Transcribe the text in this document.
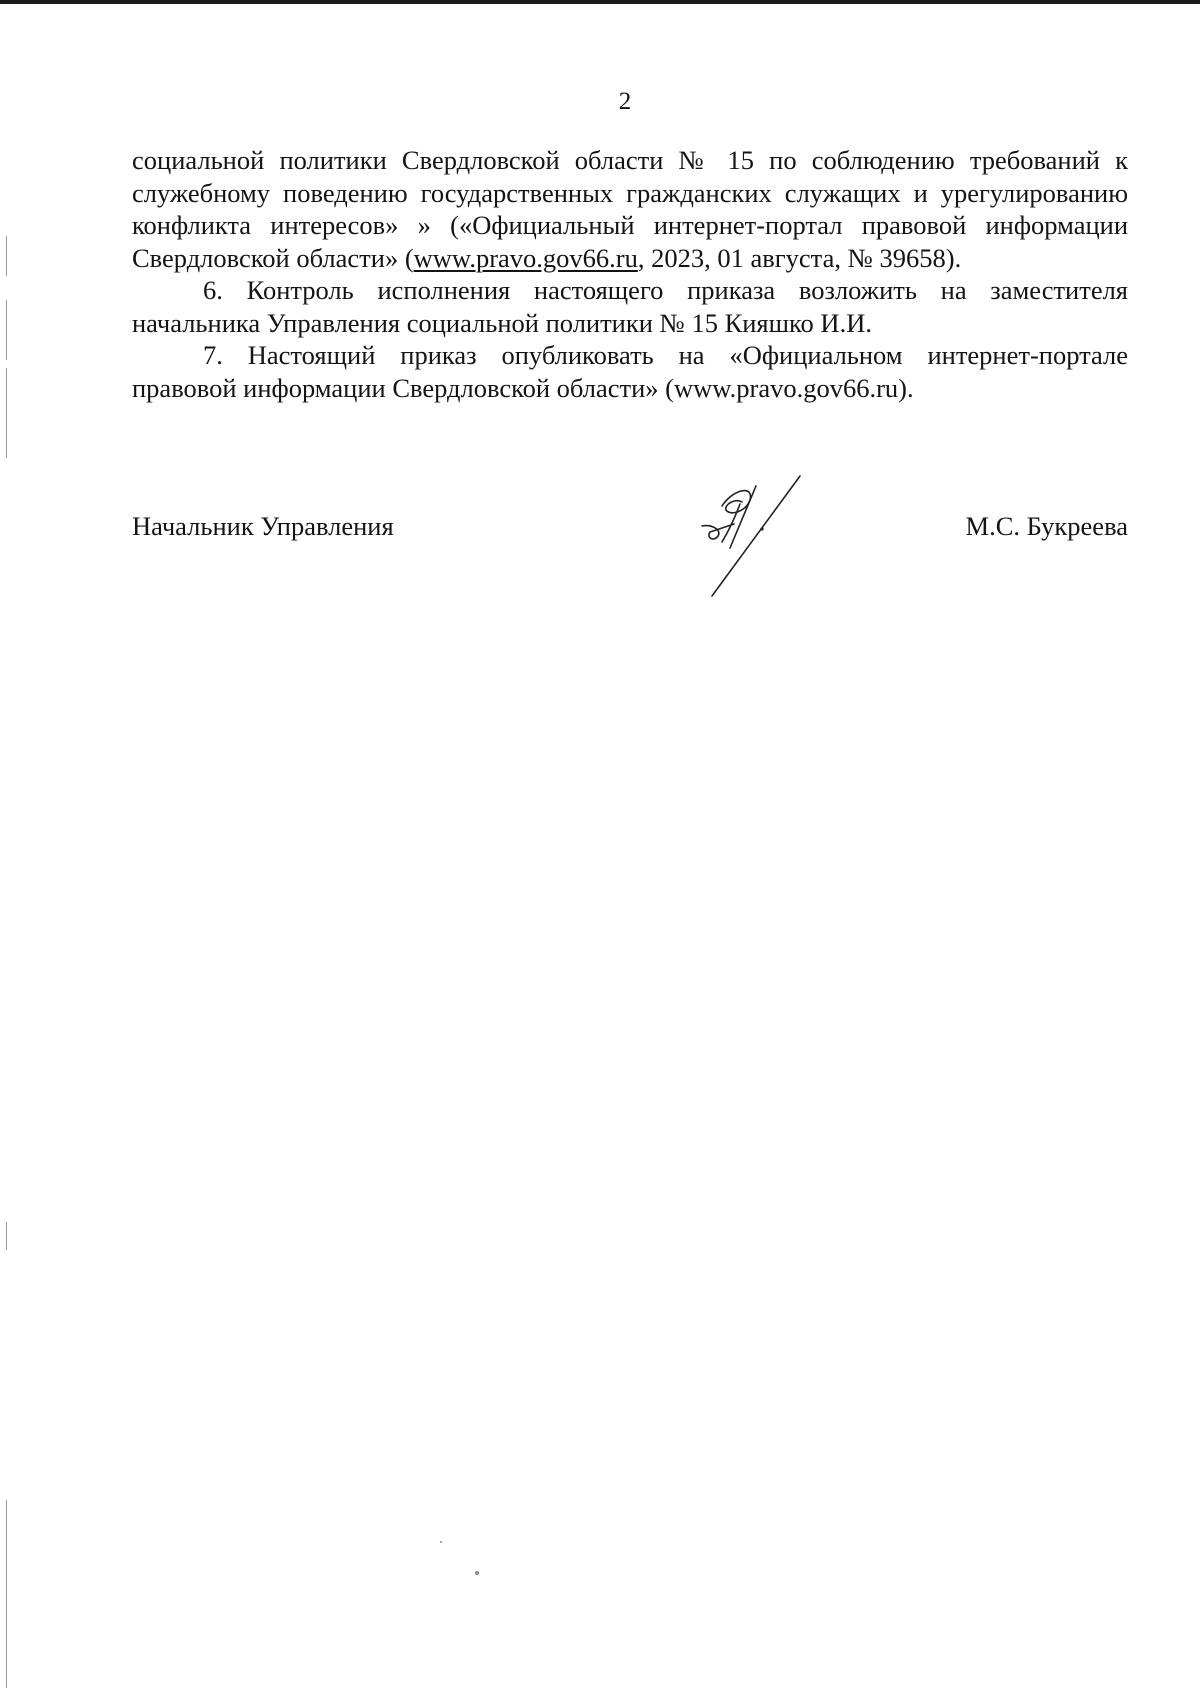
2

социальной политики Свердловской области № 15 по соблюдению требований к служебному поведению государственных гражданских служащих и урегулированию конфликта интересов» » («Официальный интернет-портал правовой информации Свердловской области» (www.pravo.gov66.ru, 2023, 01 августа, № 39658).

6. Контроль исполнения настоящего приказа возложить на заместителя начальника Управления социальной политики № 15 Кияшко И.И.

7. Настоящий приказ опубликовать на «Официальном интернет-портале правовой информации Свердловской области» (www.pravo.gov66.ru).

Начальник Управления	М.С. Букреева
